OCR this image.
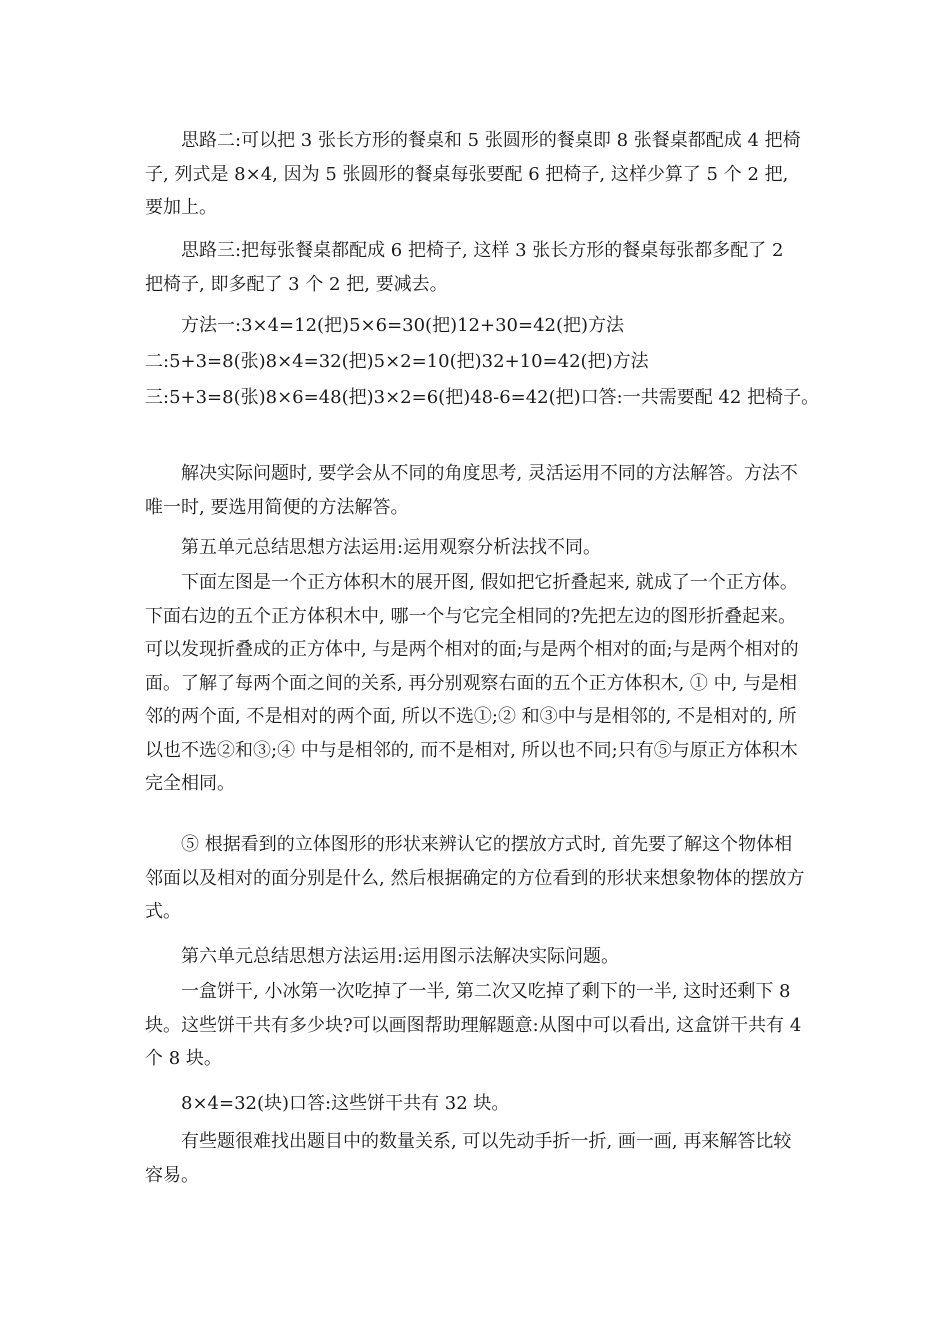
思路二:可以把 3 张长方形的餐桌和 5 张圆形的餐桌即 8 张餐桌都配成 4 把椅子, 列式是 8×4, 因为 5 张圆形的餐桌每张要配 6 把椅子, 这样少算了 5 个 2 把, 要加上。

思路三:把每张餐桌都配成 6 把椅子, 这样 3 张长方形的餐桌每张都多配了 2 把椅子, 即多配了 3 个 2 把, 要减去。

方法一:3×4=12(把)5×6=30(把)12+30=42(把)方法

二:5+3=8(张)8×4=32(把)5×2=10(把)32+10=42(把)方法

三:5+3=8(张)8×6=48(把)3×2=6(把)48-6=42(把)口答:一共需要配 42 把椅子。

解决实际问题时, 要学会从不同的角度思考, 灵活运用不同的方法解答。方法不唯一时, 要选用简便的方法解答。

第五单元总结思想方法运用:运用观察分析法找不同。

下面左图是一个正方体积木的展开图, 假如把它折叠起来, 就成了一个正方体。下面右边的五个正方体积木中, 哪一个与它完全相同的?先把左边的图形折叠起来。可以发现折叠成的正方体中, 与是两个相对的面;与是两个相对的面;与是两个相对的面。了解了每两个面之间的关系, 再分别观察右面的五个正方体积木, ① 中, 与是相邻的两个面, 不是相对的两个面, 所以不选①;② 和③中与是相邻的, 不是相对的, 所以也不选②和③;④ 中与是相邻的, 而不是相对, 所以也不同;只有⑤与原正方体积木完全相同。

⑤ 根据看到的立体图形的形状来辨认它的摆放方式时, 首先要了解这个物体相邻面以及相对的面分别是什么, 然后根据确定的方位看到的形状来想象物体的摆放方式。

第六单元总结思想方法运用:运用图示法解决实际问题。

一盒饼干, 小冰第一次吃掉了一半, 第二次又吃掉了剩下的一半, 这时还剩下 8 块。这些饼干共有多少块?可以画图帮助理解题意:从图中可以看出, 这盒饼干共有 4 个 8 块。

8×4=32(块)口答:这些饼干共有 32 块。

有些题很难找出题目中的数量关系, 可以先动手折一折, 画一画, 再来解答比较容易。
